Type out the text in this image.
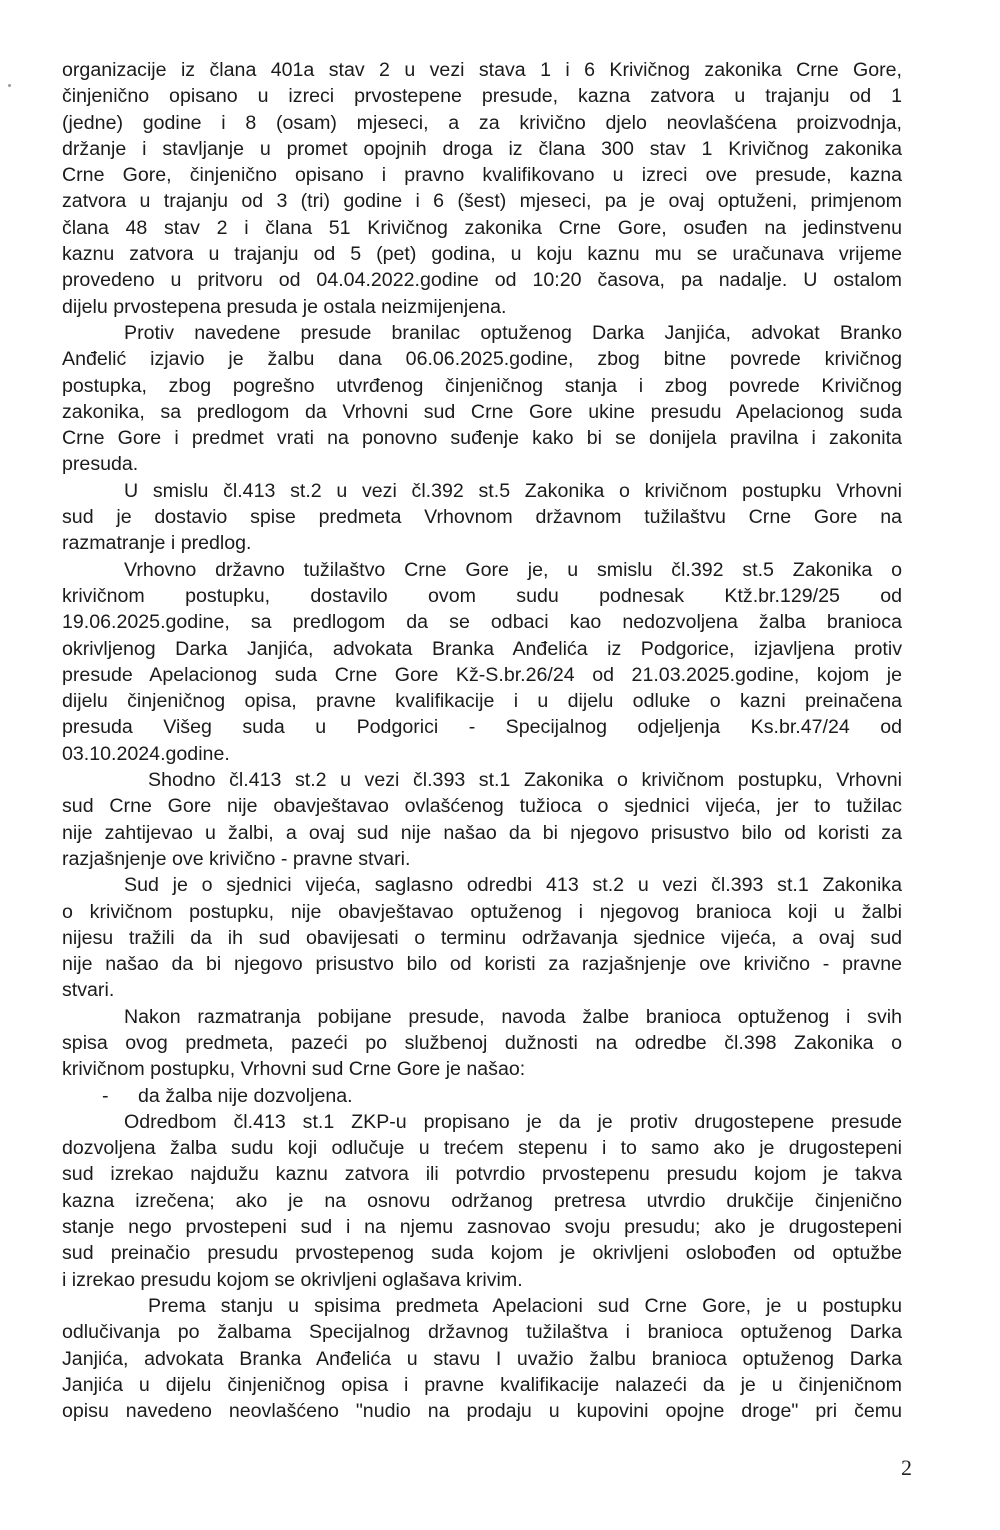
organizacije iz člana 401a stav 2 u vezi stava 1 i 6 Krivičnog zakonika Crne Gore,
činjenično opisano u izreci prvostepene presude, kazna zatvora u trajanju od 1
(jedne) godine i 8 (osam) mjeseci, a za krivično djelo neovlašćena proizvodnja,
držanje i stavljanje u promet opojnih droga iz člana 300 stav 1 Krivičnog zakonika
Crne Gore, činjenično opisano i pravno kvalifikovano u izreci ove presude, kazna
zatvora u trajanju od 3 (tri) godine i 6 (šest) mjeseci, pa je ovaj optuženi, primjenom
člana 48 stav 2 i člana 51 Krivičnog zakonika Crne Gore, osuđen na jedinstvenu
kaznu zatvora u trajanju od 5 (pet) godina, u koju kaznu mu se uračunava vrijeme
provedeno u pritvoru od 04.04.2022.godine od 10:20 časova, pa nadalje. U ostalom
dijelu prvostepena presuda je ostala neizmijenjena.
Protiv navedene presude branilac optuženog Darka Janjića, advokat Branko
Anđelić izjavio je žalbu dana 06.06.2025.godine, zbog bitne povrede krivičnog
postupka, zbog pogrešno utvrđenog činjeničnog stanja i zbog povrede Krivičnog
zakonika, sa predlogom da Vrhovni sud Crne Gore ukine presudu Apelacionog suda
Crne Gore i predmet vrati na ponovno suđenje kako bi se donijela pravilna i zakonita
presuda.
U smislu čl.413 st.2 u vezi čl.392 st.5 Zakonika o krivičnom postupku Vrhovni
sud je dostavio spise predmeta Vrhovnom državnom tužilaštvu Crne Gore na
razmatranje i predlog.
Vrhovno državno tužilaštvo Crne Gore je, u smislu čl.392 st.5 Zakonika o
krivičnom postupku, dostavilo ovom sudu podnesak Ktž.br.129/25 od
19.06.2025.godine, sa predlogom da se odbaci kao nedozvoljena žalba branioca
okrivljenog Darka Janjića, advokata Branka Anđelića iz Podgorice, izjavljena protiv
presude Apelacionog suda Crne Gore Kž-S.br.26/24 od 21.03.2025.godine, kojom je
dijelu činjeničnog opisa, pravne kvalifikacije i u dijelu odluke o kazni preinačena
presuda Višeg suda u Podgorici - Specijalnog odjeljenja Ks.br.47/24 od
03.10.2024.godine.
Shodno čl.413 st.2 u vezi čl.393 st.1 Zakonika o krivičnom postupku, Vrhovni
sud Crne Gore nije obavještavao ovlašćenog tužioca o sjednici vijeća, jer to tužilac
nije zahtijevao u žalbi, a ovaj sud nije našao da bi njegovo prisustvo bilo od koristi za
razjašnjenje ove krivično - pravne stvari.
Sud je o sjednici vijeća, saglasno odredbi 413 st.2 u vezi čl.393 st.1 Zakonika
o krivičnom postupku, nije obavještavao optuženog i njegovog branioca koji u žalbi
nijesu tražili da ih sud obavijesati o terminu održavanja sjednice vijeća, a ovaj sud
nije našao da bi njegovo prisustvo bilo od koristi za razjašnjenje ove krivično - pravne
stvari.
Nakon razmatranja pobijane presude, navoda žalbe branioca optuženog i svih
spisa ovog predmeta, pazeći po službenoj dužnosti na odredbe čl.398 Zakonika o
krivičnom postupku, Vrhovni sud Crne Gore je našao:
-	da žalba nije dozvoljena.
Odredbom čl.413 st.1 ZKP-u propisano je da je protiv drugostepene presude
dozvoljena žalba sudu koji odlučuje u trećem stepenu i to samo ako je drugostepeni
sud izrekao najdužu kaznu zatvora ili potvrdio prvostepenu presudu kojom je takva
kazna izrečena; ako je na osnovu održanog pretresa utvrdio drukčije činjenično
stanje nego prvostepeni sud i na njemu zasnovao svoju presudu; ako je drugostepeni
sud preinačio presudu prvostepenog suda kojom je okrivljeni oslobođen od optužbe
i izrekao presudu kojom se okrivljeni oglašava krivim.
Prema stanju u spisima predmeta Apelacioni sud Crne Gore, je u postupku
odlučivanja po žalbama Specijalnog državnog tužilaštva i branioca optuženog Darka
Janjića, advokata Branka Anđelića u stavu I uvažio žalbu branioca optuženog Darka
Janjića u dijelu činjeničnog opisa i pravne kvalifikacije nalazeći da je u činjeničnom
opisu navedeno neovlašćeno "nudio na prodaju u kupovini opojne droge" pri čemu
2
